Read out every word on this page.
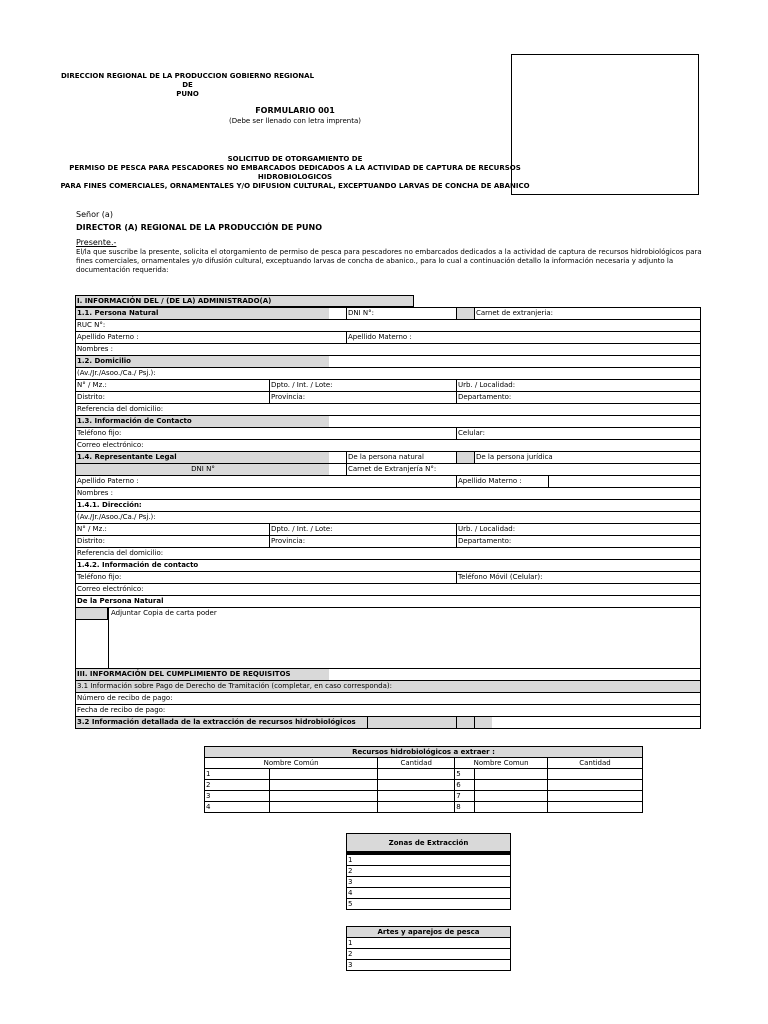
DIRECCION REGIONAL DE LA PRODUCCION GOBIERNO REGIONAL DE
PUNO
FORMULARIO 001
(Debe ser llenado con letra imprenta)
SOLICITUD DE OTORGAMIENTO DE
PERMISO DE PESCA PARA PESCADORES NO EMBARCADOS DEDICADOS A LA ACTIVIDAD DE CAPTURA DE RECURSOS HIDROBIOLOGICOS
PARA FINES COMERCIALES, ORNAMENTALES Y/O DIFUSION CULTURAL, EXCEPTUANDO LARVAS DE CONCHA DE ABANICO
Señor (a)
DIRECTOR (A) REGIONAL DE LA PRODUCCIÓN DE PUNO
Presente.-
El/la que suscribe la presente, solicita el otorgamiento de permiso de pesca para pescadores no embarcados dedicados a la actividad de captura de recursos hidrobiológicos para
fines comerciales, ornamentales y/o difusión cultural, exceptuando larvas de concha de abanico., para lo cual a continuación detallo la información necesaria y adjunto la
documentación requerida:
I. INFORMACIÓN DEL / (DE LA) ADMINISTRADO(A)
1.1. Persona Natural	DNI N°:	Carnet de extranjeria:
RUC N°:
Apellido Paterno :	Apellido Materno :
Nombres :
1.2. Domicilio
(Av./Jr./Asoo./Ca./ Psj.):
N° / Mz.:	Dpto. / Int. / Lote:	Urb. / Localidad:
Distrito:	Provincia:	Departamento:
Referencia del domicilio:
1.3. Información de Contacto
Teléfono fijo:	Celular:
Correo electrónico:
1.4. Representante Legal	De la persona natural	De la persona jurídica
DNI N°	Carnet de Extranjería N°:
Apellido Paterno :	Apellido Materno :
Nombres :
1.4.1. Dirección:
(Av./Jr./Asoo./Ca./ Psj.):
N° / Mz.:	Dpto. / Int. / Lote:	Urb. / Localidad:
Distrito:	Provincia:	Departamento:
Referencia del domicilio:
1.4.2. Información de contacto
Teléfono fijo:	Teléfono Móvil (Celular):
Correo electrónico:
De la Persona Natural
Adjuntar Copia de carta poder
III. INFORMACIÓN DEL CUMPLIMIENTO DE REQUISITOS
3.1 Información sobre Pago de Derecho de Tramitación (completar, en caso corresponda):
Número de recibo de pago:
Fecha de recibo de pago:
3.2 Información detallada de la extracción de recursos hidrobiológicos
Recursos hidrobiológicos a extraer :					
Nombre Común		Cantidad	Nombre Comun		Cantidad
1			5		
2			6		
3			7		
4			8		
Zonas de Extracción
1
2
3
4
5
Artes y aparejos de pesca
1
2
3
